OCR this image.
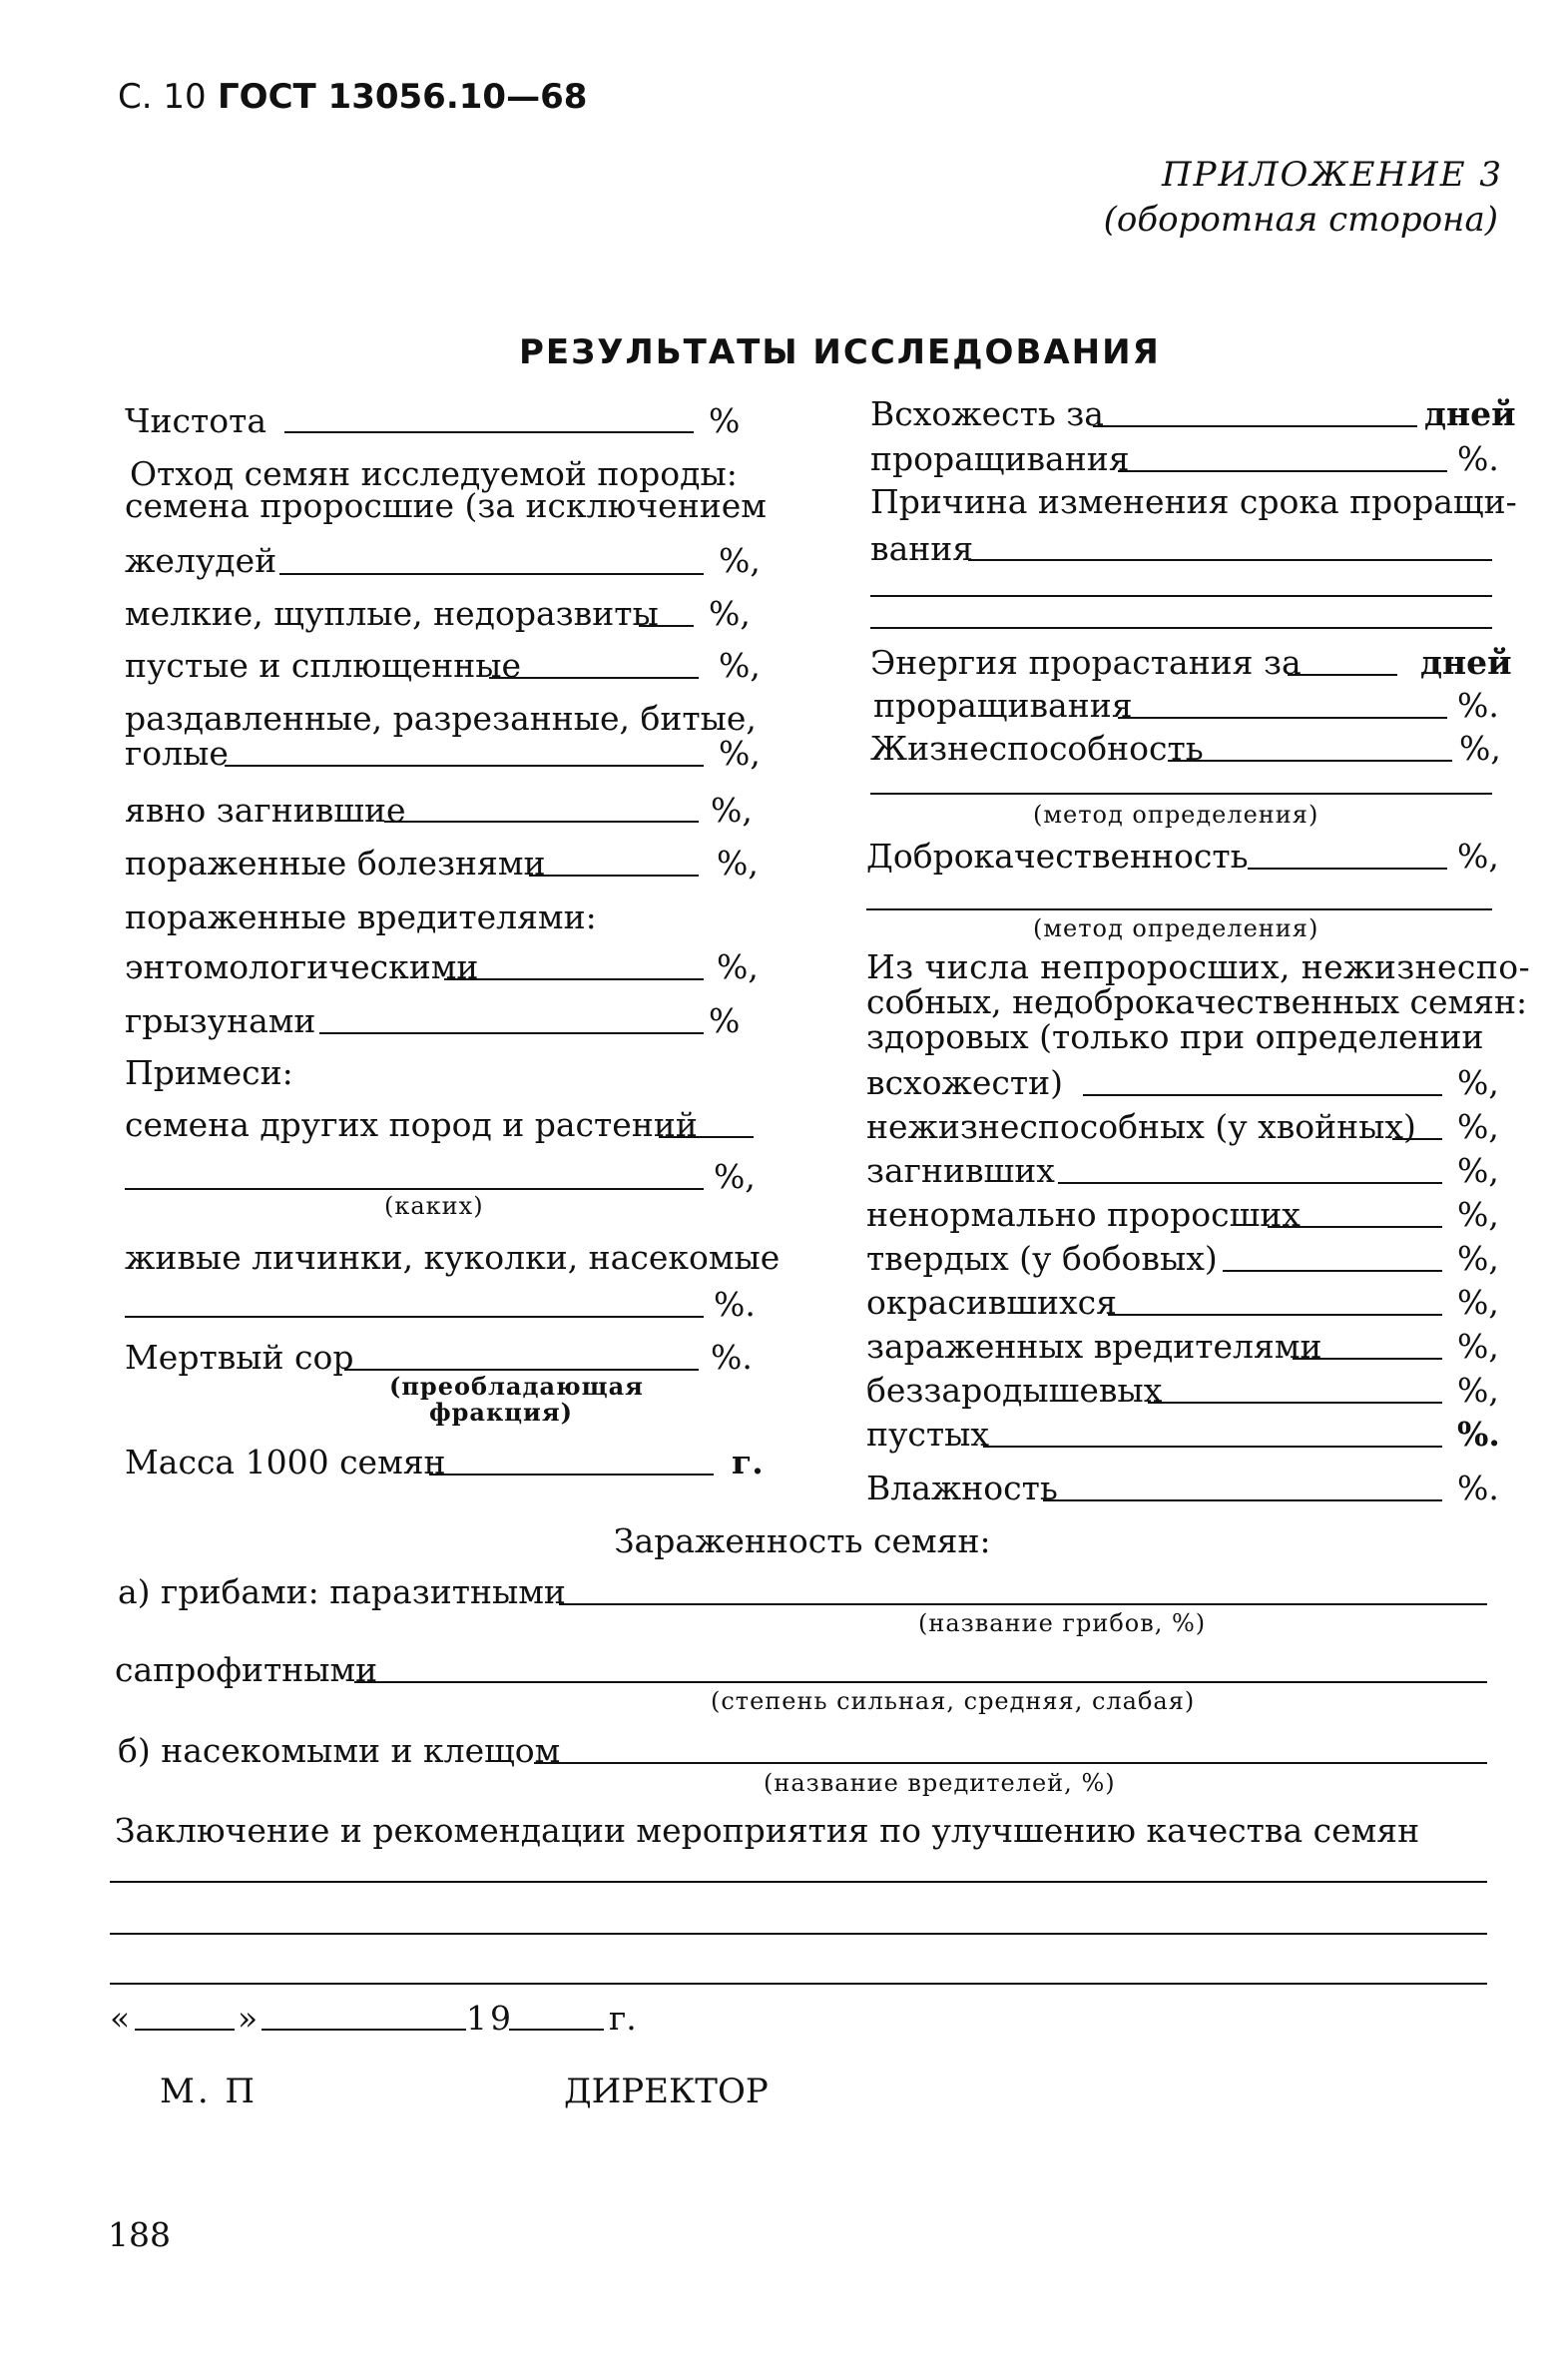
С. 10 ГОСТ 13056.10—68
ПРИЛОЖЕНИЕ 3
(оборотная сторона)
РЕЗУЛЬТАТЫ ИССЛЕДОВАНИЯ
Чистота	%
Отход семян исследуемой породы:
семена проросшие (за исключением
желудей	%,
мелкие, щуплые, недоразвиты %,
пустые и сплющенные	%,
раздавленные, разрезанные, битые,
голые	%,
явно загнившие	%,
пораженные болезнями	%,
пораженные вредителями:
энтомологическими	%,
грызунами	%
Примеси:
семена других пород и растений
%,
(каких)
живые личинки, куколки, насекомые
%.
Мертвый сор	%.
(преобладающая
фракция)
Масса 1000 семян	г.
Всхожесть за	дней
проращивания	%.
Причина изменения срока проращи-
вания
Энергия прорастания за	дней
проращивания	%.
Жизнеспособность	%,
(метод определения)
Доброкачественность	%,
(метод определения)
Из числа непроросших, нежизнеспо-
собных, недоброкачественных семян:
здоровых (только при определении
всхожести)	%,
нежизнеспособных (у хвойных) %,
загнивших	%,
ненормально проросших	%,
твердых (у бобовых)	%,
окрасившихся	%,
зараженных вредителями	%,
беззародышевых	%,
пустых	%.
Влажность	%.
Зараженность семян:
а) грибами: паразитными
(название грибов, %)
сапрофитными
(степень сильная, средняя, слабая)
б) насекомыми и клещом
(название вредителей, %)
Заключение и рекомендации мероприятия по улучшению качества семян
«	»	19	г.
М. П	ДИРЕКТОР
188
